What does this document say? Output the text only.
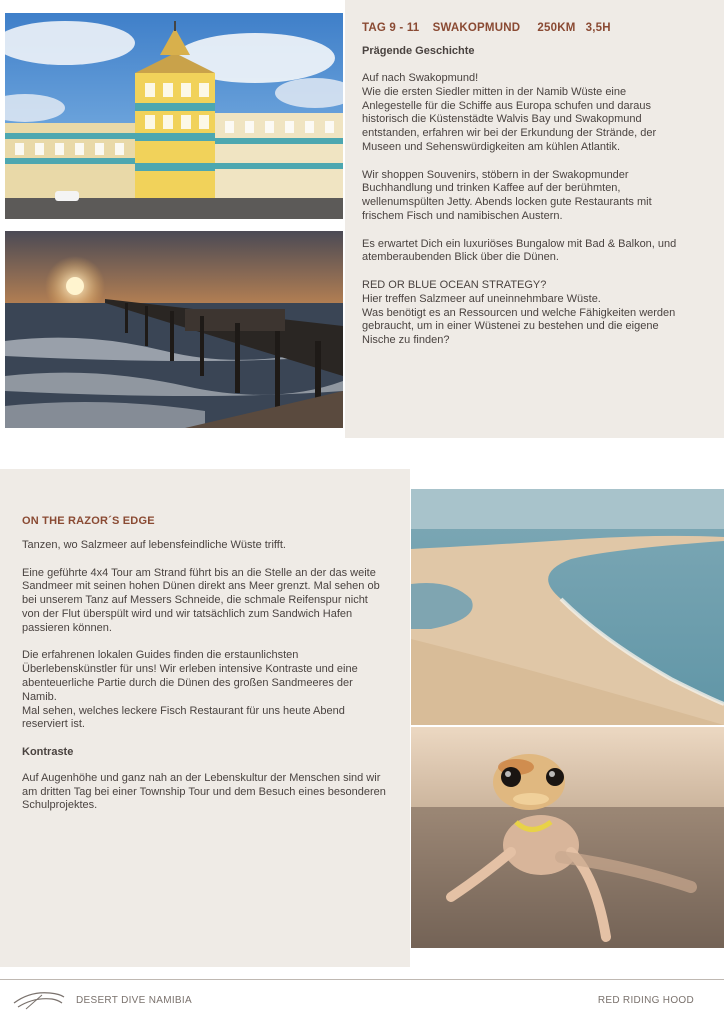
TAG 9 - 11 SWAKOPMUND 250KM   3,5H

Prägende Geschichte

Auf nach Swakopmund!
Wie die ersten Siedler mitten in der Namib Wüste eine Anlegestelle für die Schiffe aus Europa schufen und daraus historisch die Küstenstädte Walvis Bay und Swakopmund entstanden, erfahren wir bei der Erkundung der Strände, der Museen und Sehenswürdigkeiten am kühlen Atlantik.

Wir shoppen Souvenirs, stöbern in der Swakopmunder Buchhandlung und trinken Kaffee auf der berühmten, wellenumspülten Jetty. Abends locken gute Restaurants mit frischem Fisch und namibischen Austern.

Es erwartet Dich ein luxuriöses Bungalow mit Bad & Balkon, und atemberaubenden Blick über die Dünen.

RED OR BLUE OCEAN STRATEGY?
Hier treffen Salzmeer auf uneinnehmbare Wüste.
Was benötigt es an Ressourcen und welche Fähigkeiten werden gebraucht, um in einer Wüstenei zu bestehen und die eigene Nische zu finden?

ON THE RAZOR´S EDGE

Tanzen, wo Salzmeer auf lebensfeindliche Wüste trifft.

Eine geführte 4x4 Tour am Strand führt bis an die Stelle an der das weite Sandmeer mit seinen hohen Dünen direkt ans Meer grenzt. Mal sehen ob bei unserem Tanz auf Messers Schneide, die schmale Reifenspur nicht von der Flut überspült wird und wir tatsächlich zum Sandwich Hafen passieren können.

Die erfahrenen lokalen Guides finden die erstaunlichsten Überlebenskünstler für uns! Wir erleben intensive Kontraste und eine abenteuerliche Partie durch die Dünen des großen Sandmeeres der Namib.
Mal sehen, welches leckere Fisch Restaurant für uns heute Abend reserviert ist.

Kontraste

Auf Augenhöhe und ganz nah an der Lebenskultur der Menschen sind wir am dritten Tag bei einer Township Tour und dem Besuch eines besonderen Schulprojektes.

DESERT DIVE NAMIBIA	RED RIDING HOOD
